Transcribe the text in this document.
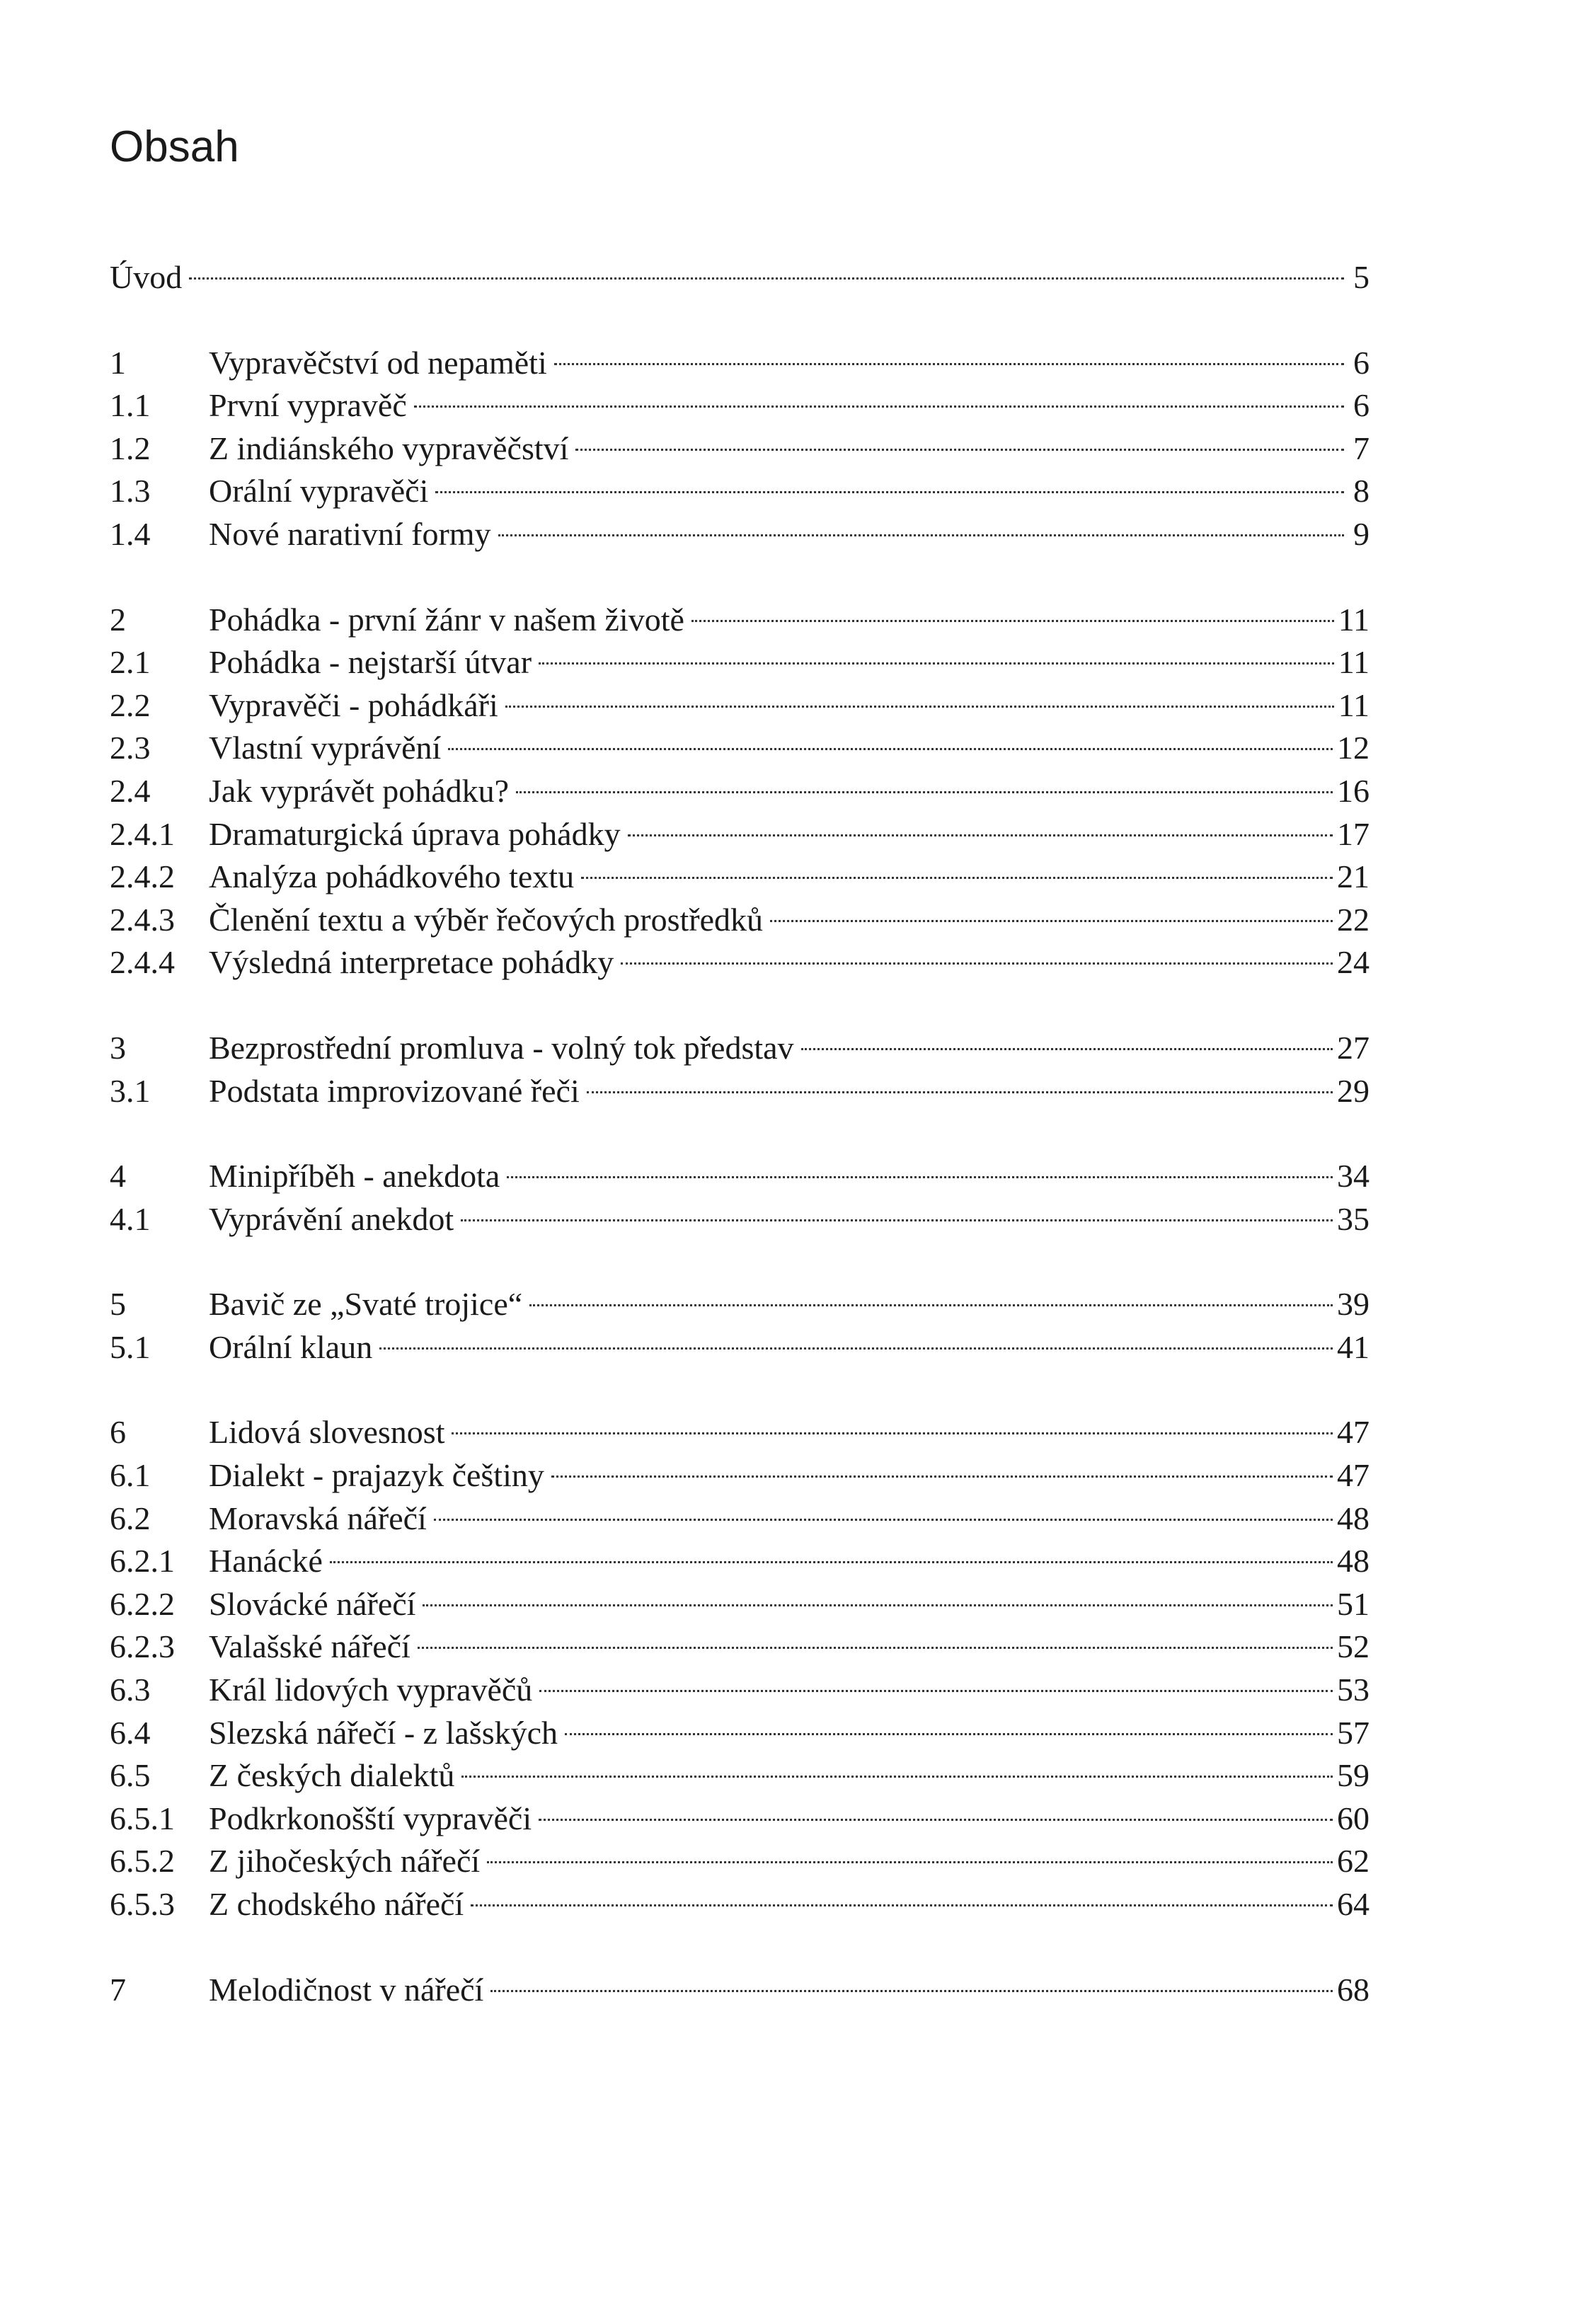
Obsah
Úvod	5
1	Vypravěčství od nepaměti	6
1.1	První vypravěč	6
1.2	Z indiánského vypravěčství	7
1.3	Orální vypravěči	8
1.4	Nové narativní formy	9
2	Pohádka - první žánr v našem životě	11
2.1	Pohádka - nejstarší útvar	11
2.2	Vypravěči - pohádkáři	11
2.3	Vlastní vyprávění	12
2.4	Jak vyprávět pohádku?	16
2.4.1	Dramaturgická úprava pohádky	17
2.4.2	Analýza pohádkového textu	21
2.4.3	Členění textu a výběr řečových prostředků	22
2.4.4	Výsledná interpretace pohádky	24
3	Bezprostřední promluva - volný tok představ	27
3.1	Podstata improvizované řeči	29
4	Minipříběh - anekdota	34
4.1	Vyprávění anekdot	35
5	Bavič ze „Svaté trojice“	39
5.1	Orální klaun	41
6	Lidová slovesnost	47
6.1	Dialekt - prajazyk češtiny	47
6.2	Moravská nářečí	48
6.2.1	Hanácké	48
6.2.2	Slovácké nářečí	51
6.2.3	Valašské nářečí	52
6.3	Král lidových vypravěčů	53
6.4	Slezská nářečí - z lašských	57
6.5	Z českých dialektů	59
6.5.1	Podkrkonošští vypravěči	60
6.5.2	Z jihočeských nářečí	62
6.5.3	Z chodského nářečí	64
7	Melodičnost v nářečí	68
